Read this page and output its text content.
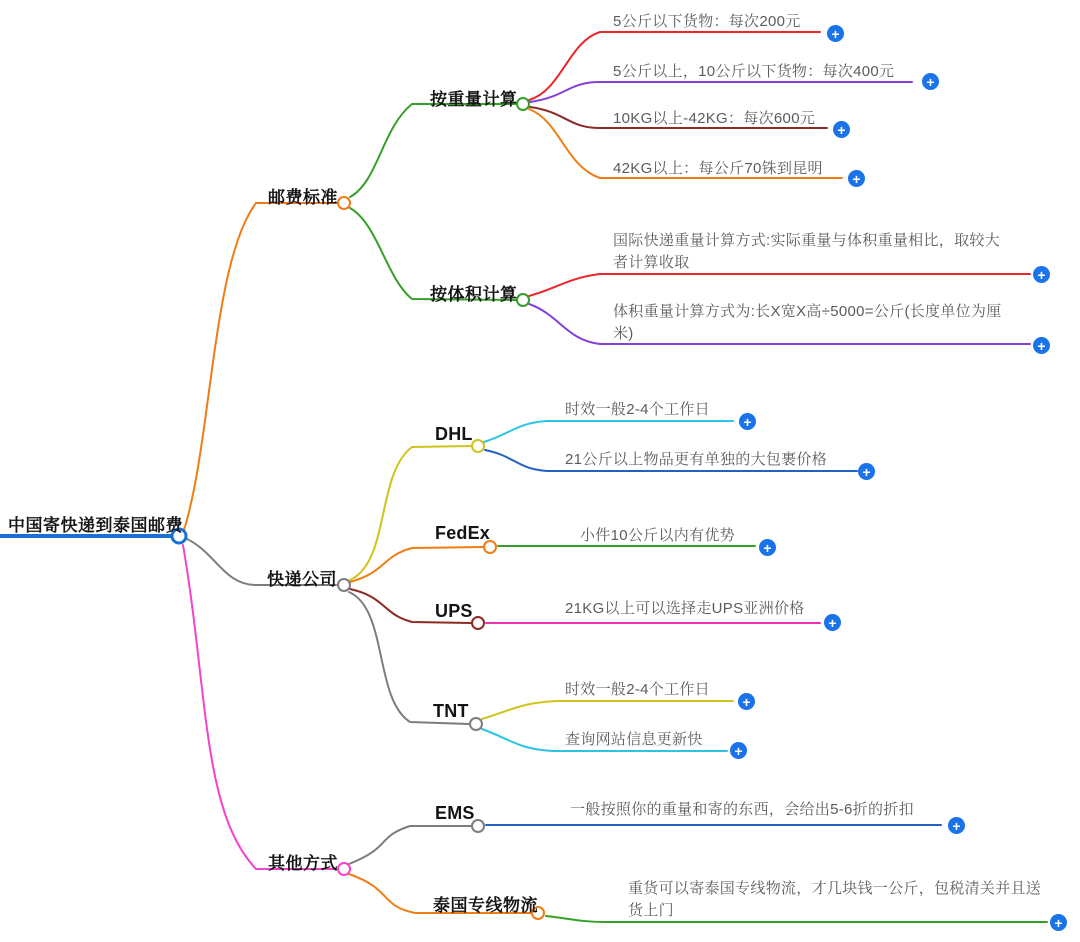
中国寄快递到泰国邮费
邮费标准
快递公司
其他方式
按重量计算
5公斤以下货物：每次200元
5公斤以上，10公斤以下货物：每次400元
10KG以上-42KG：每次600元
42KG以上：每公斤70铢到昆明
按体积计算
国际快递重量计算方式:实际重量与体积重量相比，取较大者计算收取
体积重量计算方式为:长X宽X高÷5000=公斤(长度单位为厘米)
DHL
时效一般2-4个工作日
21公斤以上物品更有单独的大包裹价格
FedEx	小件10公斤以内有优势
UPS	21KG以上可以选择走UPS亚洲价格
TNT
时效一般2-4个工作日
查询网站信息更新快
EMS	一般按照你的重量和寄的东西，会给出5-6折的折扣
泰国专线物流
重货可以寄泰国专线物流，才几块钱一公斤，包税清关并且送货上门
+
+
+
+
+
+
+
+
+
+
+
+
+
+
